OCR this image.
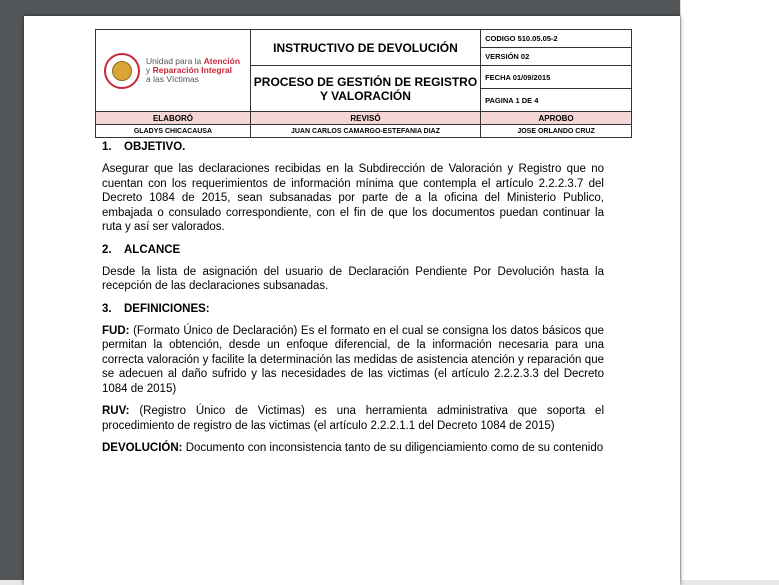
Unidad para la Atención
y Reparación Integral
a las Víctimas	INSTRUCTIVO DE DEVOLUCIÓN	CODIGO 510.05.05-2
		VERSIÓN 02
	PROCESO DE GESTIÓN DE REGISTRO Y VALORACIÓN	FECHA 01/09/2015
		PAGINA 1 DE 4
ELABORÓ	REVISÓ	APROBO
GLADYS CHICACAUSA	JUAN CARLOS CAMARGO-ESTEFANIA DIAZ	JOSE ORLANDO CRUZ
1. OBJETIVO.

Asegurar que las declaraciones recibidas en la Subdirección de Valoración y Registro que no cuentan con los requerimientos de información mínima que contempla el artículo 2.2.2.3.7 del Decreto 1084 de 2015, sean subsanadas por parte de a la oficina del Ministerio Publico, embajada o consulado correspondiente, con el fin de que los documentos puedan continuar la ruta y así ser valorados.

2. ALCANCE

Desde la lista de asignación del usuario de Declaración Pendiente Por Devolución hasta la recepción de las declaraciones subsanadas.

3. DEFINICIONES:

FUD: (Formato Único de Declaración) Es el formato en el cual se consigna los datos básicos que permitan la obtención, desde un enfoque diferencial, de la información necesaria para una correcta valoración y facilite la determinación las medidas de asistencia atención y reparación que se adecuen al daño sufrido y las necesidades de las victimas (el artículo 2.2.2.3.3 del Decreto 1084 de 2015)

RUV: (Registro Único de Victimas) es una herramienta administrativa que soporta el procedimiento de registro de las victimas (el artículo 2.2.2.1.1 del Decreto 1084 de 2015)

DEVOLUCIÓN: Documento con inconsistencia tanto de su diligenciamiento como de su contenido
